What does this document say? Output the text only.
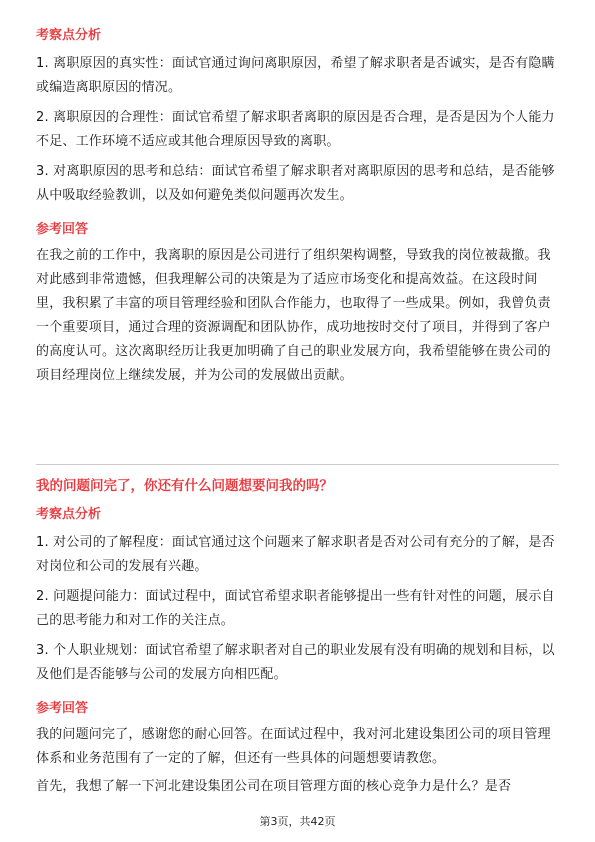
考察点分析

1. 离职原因的真实性：面试官通过询问离职原因，希望了解求职者是否诚实，是否有隐瞒或编造离职原因的情况。

2. 离职原因的合理性：面试官希望了解求职者离职的原因是否合理，是否是因为个人能力不足、工作环境不适应或其他合理原因导致的离职。

3. 对离职原因的思考和总结：面试官希望了解求职者对离职原因的思考和总结，是否能够从中吸取经验教训，以及如何避免类似问题再次发生。

参考回答

在我之前的工作中，我离职的原因是公司进行了组织架构调整，导致我的岗位被裁撤。我对此感到非常遗憾，但我理解公司的决策是为了适应市场变化和提高效益。在这段时间里，我积累了丰富的项目管理经验和团队合作能力，也取得了一些成果。例如，我曾负责一个重要项目，通过合理的资源调配和团队协作，成功地按时交付了项目，并得到了客户的高度认可。这次离职经历让我更加明确了自己的职业发展方向，我希望能够在贵公司的项目经理岗位上继续发展，并为公司的发展做出贡献。

我的问题问完了，你还有什么问题想要问我的吗？

考察点分析

1. 对公司的了解程度：面试官通过这个问题来了解求职者是否对公司有充分的了解，是否对岗位和公司的发展有兴趣。

2. 问题提问能力：面试过程中，面试官希望求职者能够提出一些有针对性的问题，展示自己的思考能力和对工作的关注点。

3. 个人职业规划：面试官希望了解求职者对自己的职业发展有没有明确的规划和目标，以及他们是否能够与公司的发展方向相匹配。

参考回答

我的问题问完了，感谢您的耐心回答。在面试过程中，我对河北建设集团公司的项目管理体系和业务范围有了一定的了解，但还有一些具体的问题想要请教您。

首先，我想了解一下河北建设集团公司在项目管理方面的核心竞争力是什么？是否

第3页，共42页
